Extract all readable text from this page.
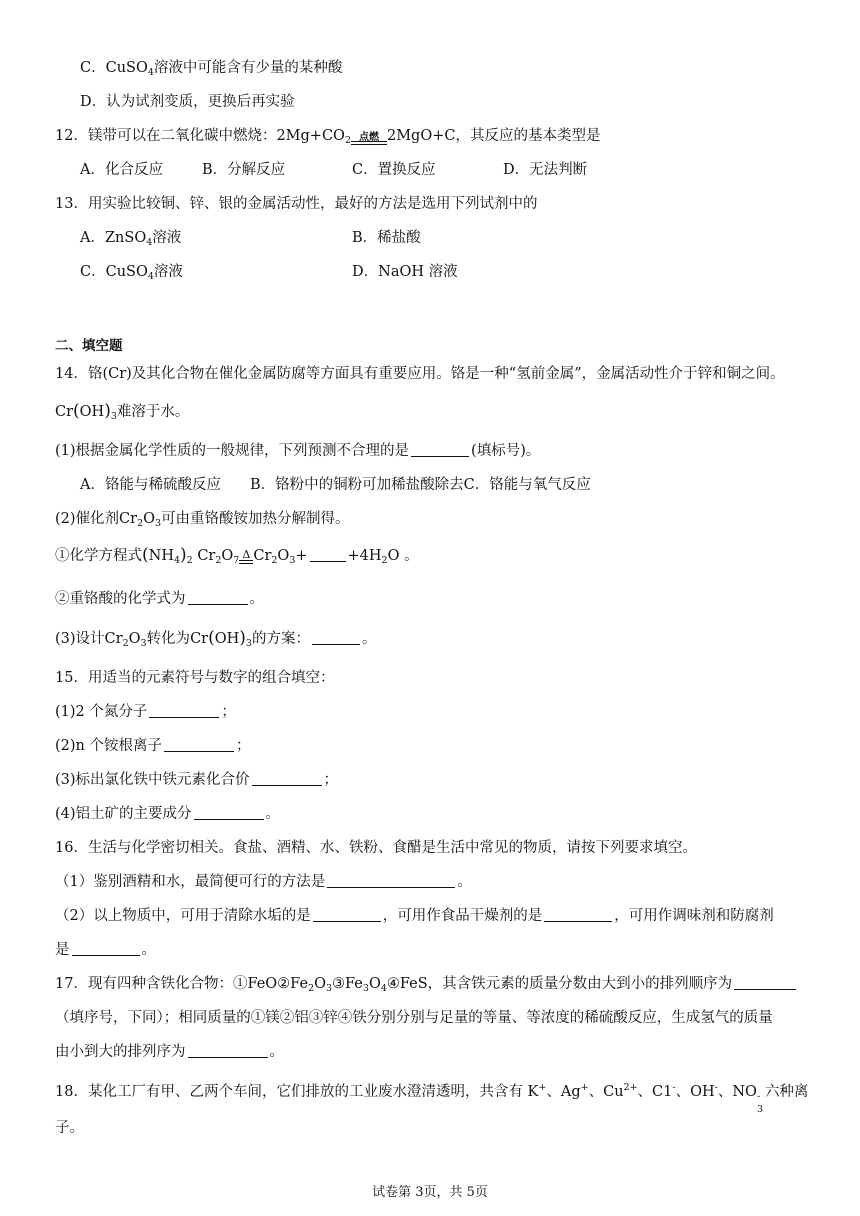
C．CuSO$_4$溶液中可能含有少量的某种酸
D．认为试剂变质，更换后再实验
12．镁带可以在二氧化碳中燃烧：$2Mg+CO_2$ 点燃 2MgO+C，其反应的基本类型是
A．化合反应	B．分解反应	C．置换反应	D．无法判断
13．用实验比较铜、锌、银的金属活动性，最好的方法是选用下列试剂中的
A．ZnSO$_4$溶液	B．稀盐酸
C．CuSO$_4$溶液	D．NaOH 溶液
二、填空题
14．铬(Cr)及其化合物在催化金属防腐等方面具有重要应用。铬是一种“氢前金属”，金属活动性介于锌和铜之间。
$Cr(OH)_3$难溶于水。
(1)根据金属化学性质的一般规律，下列预测不合理的是	(填标号)。
A．铬能与稀硫酸反应　　B．铬粉中的铜粉可加稀盐酸除去C．铬能与氧气反应
(2)催化剂$Cr_2O_3$可由重铬酸铵加热分解制得。
①化学方程式$(NH_4)_2$ $Cr_2O_7$ Δ $Cr_2O_3+$	$+4H_2O$ 。
②重铬酸的化学式为	。
(3)设计$Cr_2O_3$转化为$Cr(OH)_3$的方案：	。
15．用适当的元素符号与数字的组合填空：
(1)2 个氮分子	；
(2)n 个铵根离子	；
(3)标出氯化铁中铁元素化合价	；
(4)铝土矿的主要成分	。
16．生活与化学密切相关。食盐、酒精、水、铁粉、食醋是生活中常见的物质，请按下列要求填空。
（1）鉴别酒精和水，最简便可行的方法是	。
（2）以上物质中，可用于清除水垢的是	，可用作食品干燥剂的是	，可用作调味剂和防腐剂
是	。
17．现有四种含铁化合物：$①FeO②Fe_2O_3③Fe_3O_4④FeS$，其含铁元素的质量分数由大到小的排列顺序为
（填序号，下同）；相同质量的①镁②铝③锌④铁分别分别与足量的等量、等浓度的稀硫酸反应，生成氢气的质量
由小到大的排列序为	。
18．某化工厂有甲、乙两个车间，它们排放的工业废水澄清透明，共含有 K+、Ag+、$Cu^{2+}$、C1-、OH-、NO -
3
六种离
子。
试卷第 3页，共 5页
